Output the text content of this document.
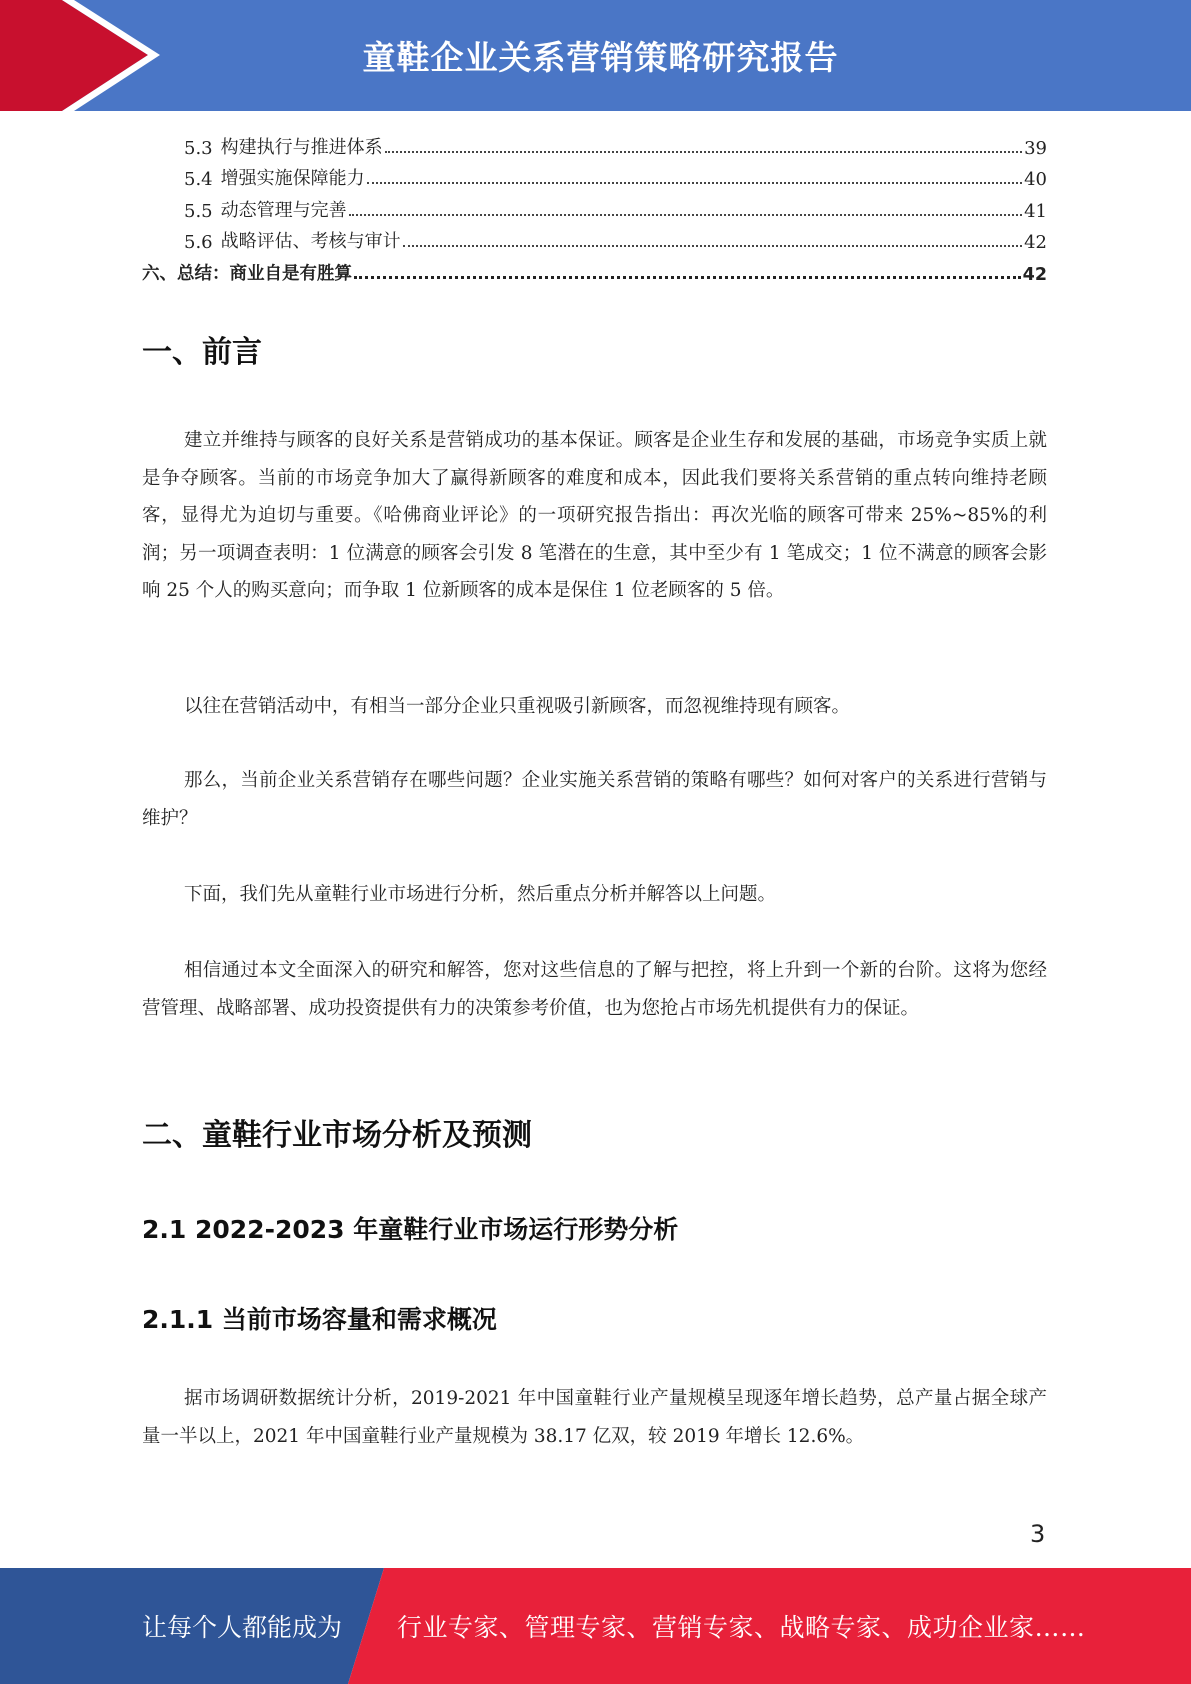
童鞋企业关系营销策略研究报告
5.3 构建执行与推进体系	39
5.4 增强实施保障能力	40
5.5 动态管理与完善	41
5.6 战略评估、考核与审计	42
六、总结：商业自是有胜算	42
一、前言

建立并维持与顾客的良好关系是营销成功的基本保证。顾客是企业生存和发展的基础，市场竞争实质上就是争夺顾客。当前的市场竞争加大了赢得新顾客的难度和成本，因此我们要将关系营销的重点转向维持老顾客，显得尤为迫切与重要。《哈佛商业评论》的一项研究报告指出：再次光临的顾客可带来 25%~85%的利润；另一项调查表明：1 位满意的顾客会引发 8 笔潜在的生意，其中至少有 1 笔成交；1 位不满意的顾客会影响 25 个人的购买意向；而争取 1 位新顾客的成本是保住 1 位老顾客的 5 倍。

以往在营销活动中，有相当一部分企业只重视吸引新顾客，而忽视维持现有顾客。

那么，当前企业关系营销存在哪些问题？企业实施关系营销的策略有哪些？如何对客户的关系进行营销与维护？

下面，我们先从童鞋行业市场进行分析，然后重点分析并解答以上问题。

相信通过本文全面深入的研究和解答，您对这些信息的了解与把控，将上升到一个新的台阶。这将为您经营管理、战略部署、成功投资提供有力的决策参考价值，也为您抢占市场先机提供有力的保证。

二、童鞋行业市场分析及预测
2.1 2022-2023 年童鞋行业市场运行形势分析
2.1.1 当前市场容量和需求概况

据市场调研数据统计分析，2019-2021 年中国童鞋行业产量规模呈现逐年增长趋势，总产量占据全球产量一半以上，2021 年中国童鞋行业产量规模为 38.17 亿双，较 2019 年增长 12.6%。

3
让每个人都能成为 行业专家、管理专家、营销专家、战略专家、成功企业家……
